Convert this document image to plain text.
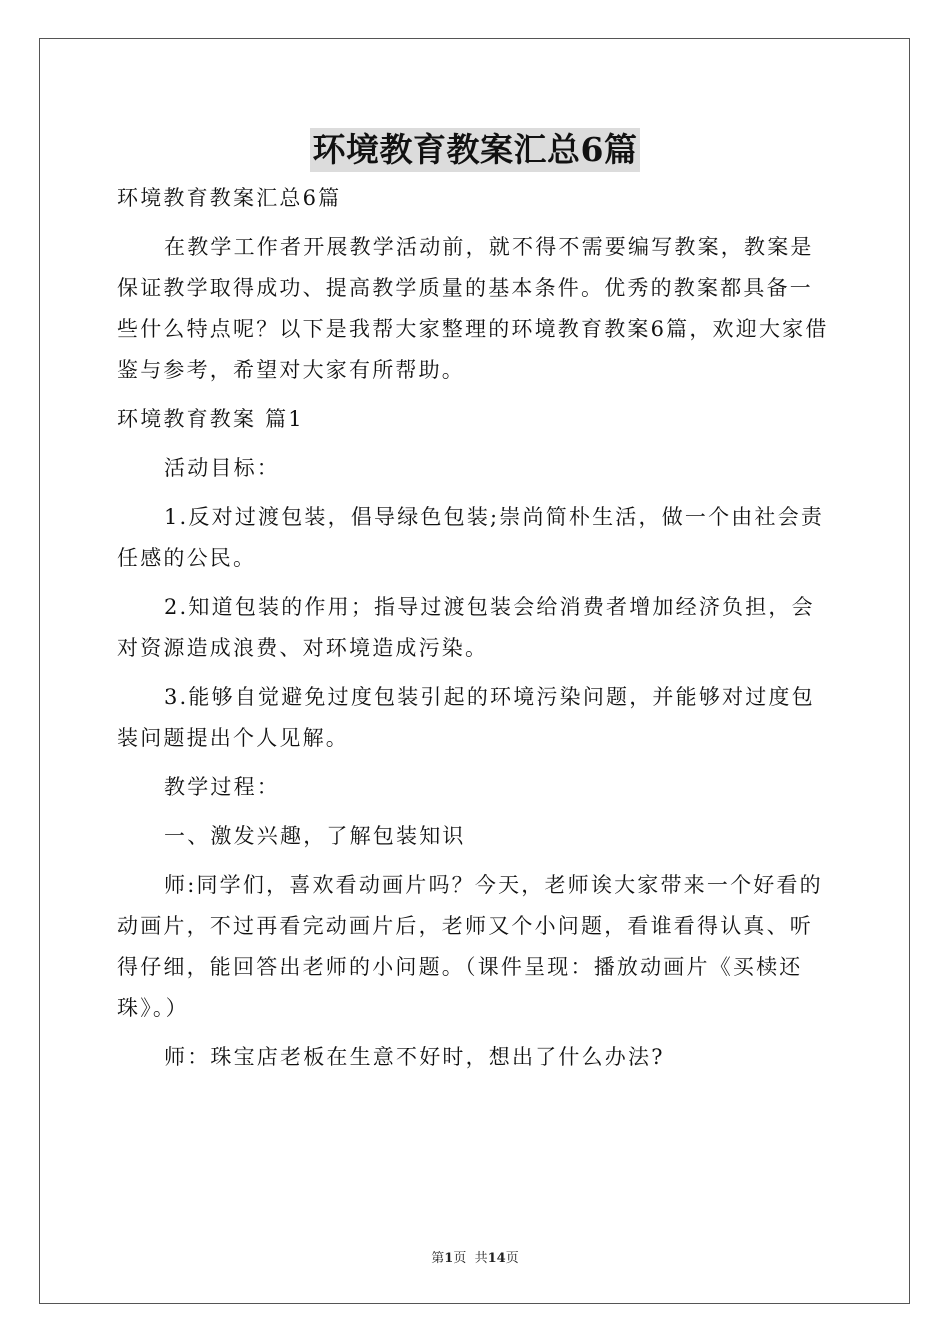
环境教育教案汇总6篇

环境教育教案汇总6篇

在教学工作者开展教学活动前，就不得不需要编写教案，教案是保证教学取得成功、提高教学质量的基本条件。优秀的教案都具备一些什么特点呢？以下是我帮大家整理的环境教育教案6篇，欢迎大家借鉴与参考，希望对大家有所帮助。

环境教育教案 篇1

活动目标：

1.反对过渡包装，倡导绿色包装;崇尚简朴生活，做一个由社会责任感的公民。

2.知道包装的作用；指导过渡包装会给消费者增加经济负担，会对资源造成浪费、对环境造成污染。

3.能够自觉避免过度包装引起的环境污染问题，并能够对过度包装问题提出个人见解。

教学过程：

一、激发兴趣，了解包装知识

师:同学们，喜欢看动画片吗？今天，老师诶大家带来一个好看的动画片，不过再看完动画片后，老师又个小问题，看谁看得认真、听得仔细，能回答出老师的小问题。（课件呈现：播放动画片《买椟还珠》。）

师：珠宝店老板在生意不好时，想出了什么办法?

第1页  共14页
